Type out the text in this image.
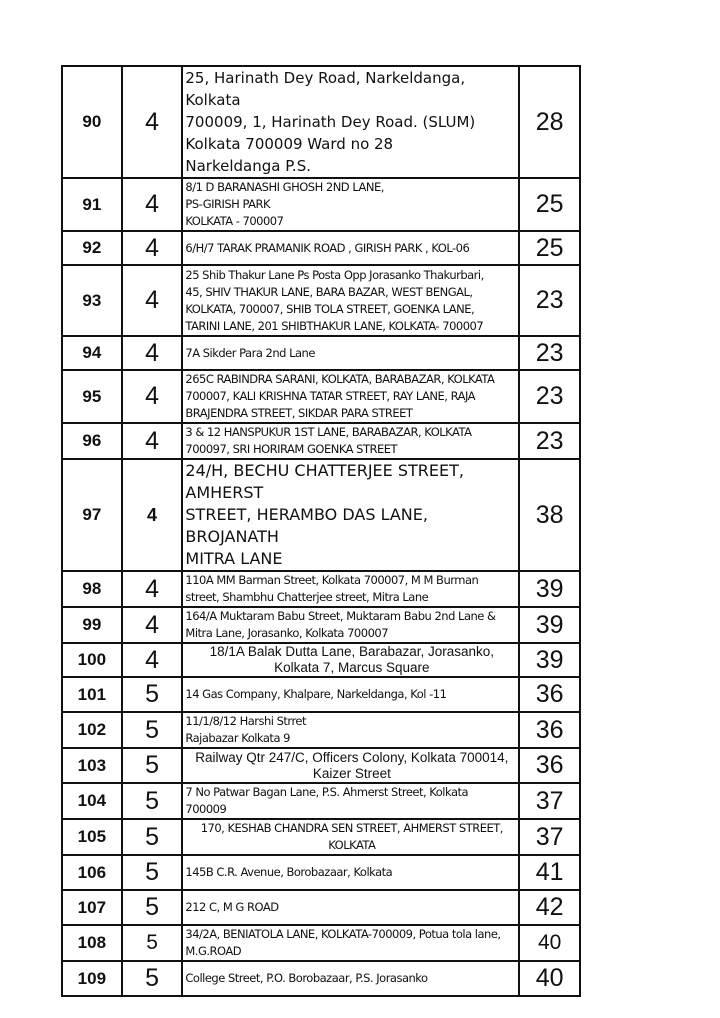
90	4	25, Harinath Dey Road, Narkeldanga, Kolkata
700009, 1, Harinath Dey Road. (SLUM)
Kolkata 700009 Ward no 28
Narkeldanga P.S.	28
91	4	8/1 D BARANASHI GHOSH 2ND LANE,
PS-GIRISH PARK
KOLKATA - 700007	25
92	4	6/H/7 TARAK PRAMANIK ROAD , GIRISH PARK , KOL-06	25
93	4	25 Shib Thakur Lane Ps Posta Opp Jorasanko Thakurbari,
45, SHIV THAKUR LANE, BARA BAZAR, WEST BENGAL,
KOLKATA, 700007, SHIB TOLA STREET, GOENKA LANE,
TARINI LANE, 201 SHIBTHAKUR LANE, KOLKATA- 700007	23
94	4	7A Sikder Para 2nd Lane	23
95	4	265C RABINDRA SARANI, KOLKATA, BARABAZAR, KOLKATA
700007, KALI KRISHNA TATAR STREET, RAY LANE, RAJA
BRAJENDRA STREET, SIKDAR PARA STREET	23
96	4	3 & 12 HANSPUKUR 1ST LANE, BARABAZAR, KOLKATA
700097, SRI HORIRAM GOENKA STREET	23
97	4	24/H, BECHU CHATTERJEE STREET, AMHERST
STREET, HERAMBO DAS LANE, BROJANATH
MITRA LANE	38
98	4	110A MM Barman Street, Kolkata 700007, M M Burman
street, Shambhu Chatterjee street, Mitra Lane	39
99	4	164/A Muktaram Babu Street, Muktaram Babu 2nd Lane &
Mitra Lane, Jorasanko, Kolkata 700007	39
100	4	18/1A Balak Dutta Lane, Barabazar, Jorasanko,
Kolkata 7, Marcus Square	39
101	5	14 Gas Company, Khalpare, Narkeldanga, Kol -11	36
102	5	11/1/8/12 Harshi Strret
Rajabazar Kolkata 9	36
103	5	Railway Qtr 247/C, Officers Colony, Kolkata 700014,
Kaizer Street	36
104	5	7 No Patwar Bagan Lane, P.S. Ahmerst Street, Kolkata
700009	37
105	5	170, KESHAB CHANDRA SEN STREET, AHMERST STREET,
KOLKATA	37
106	5	145B C.R. Avenue, Borobazaar, Kolkata	41
107	5	212 C, M G ROAD	42
108	5	34/2A, BENIATOLA LANE, KOLKATA-700009, Potua tola lane,
M.G.ROAD	40
109	5	College Street, P.O. Borobazaar, P.S. Jorasanko	40
